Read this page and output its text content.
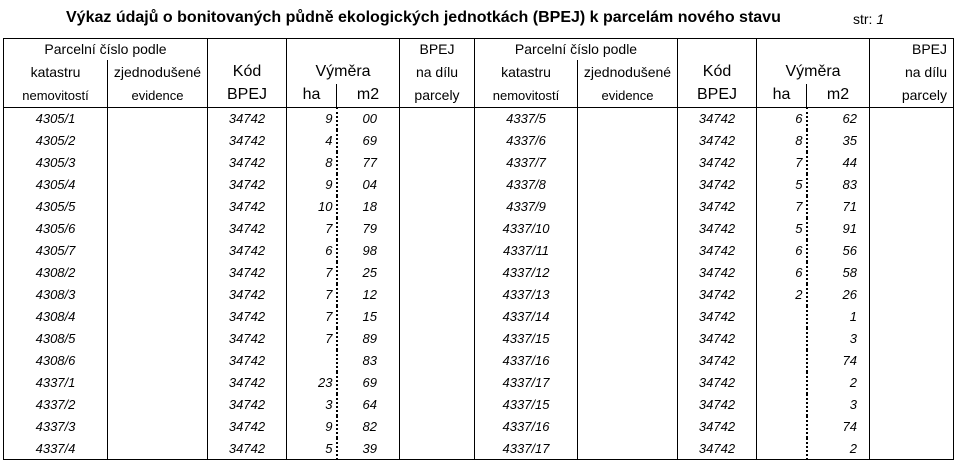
Výkaz údajů o bonitovaných půdně ekologických jednotkách (BPEJ) k parcelám nového stavu	str: 1
Parcelní číslo podle					BPEJ	Parcelní číslo podle					BPEJ
katastru	zjednodušené	Kód	Výměra		na dílu	katastru	zjednodušené	Kód	Výměra		na dílu
nemovitostí	evidence	BPEJ	ha	m2	parcely	nemovitostí	evidence	BPEJ	ha	m2	parcely
4305/1		34742	9	00		4337/5		34742	6	62	
4305/2		34742	4	69		4337/6		34742	8	35	
4305/3		34742	8	77		4337/7		34742	7	44	
4305/4		34742	9	04		4337/8		34742	5	83	
4305/5		34742	10	18		4337/9		34742	7	71	
4305/6		34742	7	79		4337/10		34742	5	91	
4305/7		34742	6	98		4337/11		34742	6	56	
4308/2		34742	7	25		4337/12		34742	6	58	
4308/3		34742	7	12		4337/13		34742	2	26	
4308/4		34742	7	15		4337/14		34742		1	
4308/5		34742	7	89		4337/15		34742		3	
4308/6		34742		83		4337/16		34742		74	
4337/1		34742	23	69		4337/17		34742		2	
4337/2		34742	3	64		4337/15		34742		3	
4337/3		34742	9	82		4337/16		34742		74	
4337/4		34742	5	39		4337/17		34742		2	
